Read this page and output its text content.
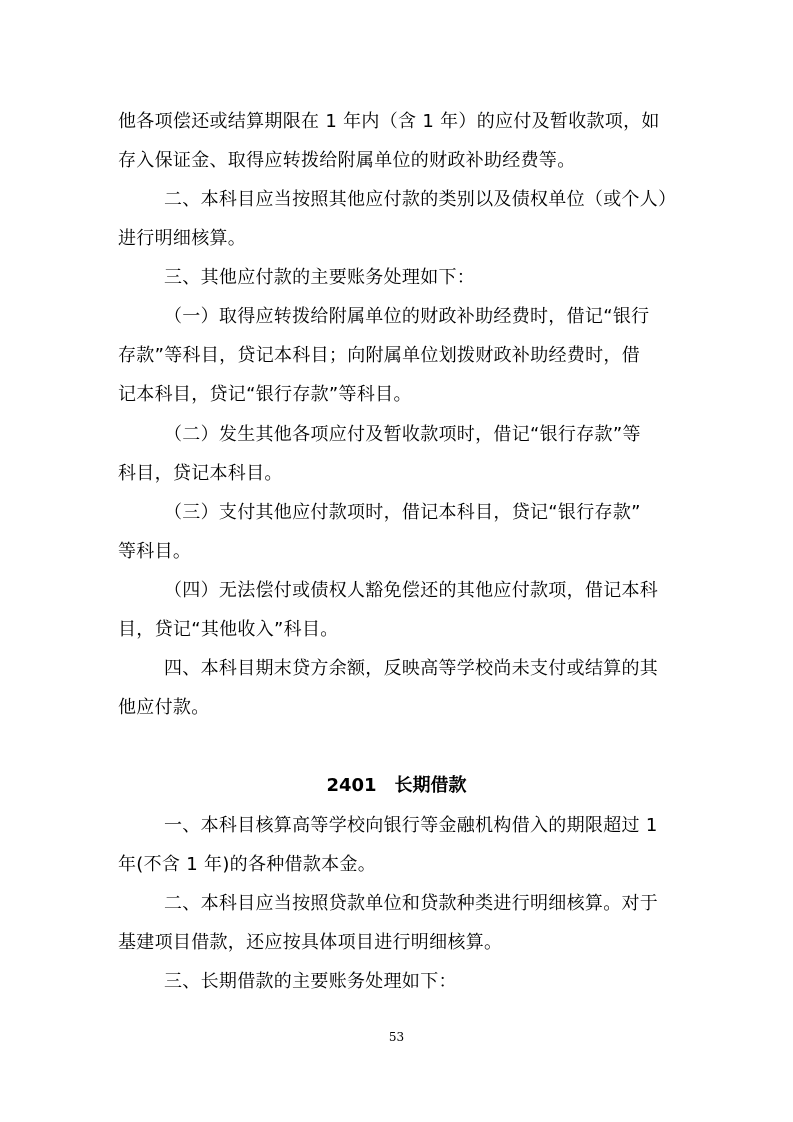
他各项偿还或结算期限在 1 年内（含 1 年）的应付及暂收款项，如
存入保证金、取得应转拨给附属单位的财政补助经费等。
二、本科目应当按照其他应付款的类别以及债权单位（或个人）
进行明细核算。
三、其他应付款的主要账务处理如下：
（一）取得应转拨给附属单位的财政补助经费时，借记“银行
存款”等科目，贷记本科目；向附属单位划拨财政补助经费时，借
记本科目，贷记“银行存款”等科目。
（二）发生其他各项应付及暂收款项时，借记“银行存款”等
科目，贷记本科目。
（三）支付其他应付款项时，借记本科目，贷记“银行存款”
等科目。
（四）无法偿付或债权人豁免偿还的其他应付款项，借记本科
目，贷记“其他收入”科目。
四、本科目期末贷方余额，反映高等学校尚未支付或结算的其
他应付款。
2401　长期借款
一、本科目核算高等学校向银行等金融机构借入的期限超过 1
年(不含 1 年)的各种借款本金。
二、本科目应当按照贷款单位和贷款种类进行明细核算。对于
基建项目借款，还应按具体项目进行明细核算。
三、长期借款的主要账务处理如下：
53
